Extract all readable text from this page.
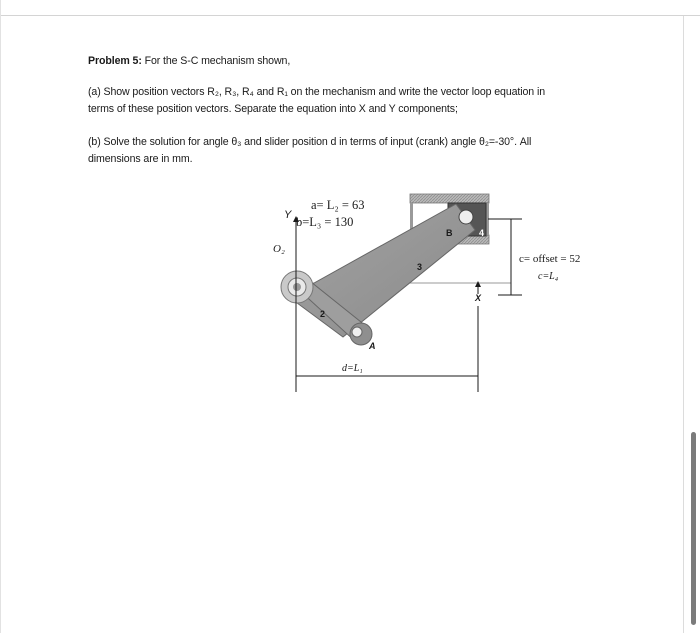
Problem 5: For the S-C mechanism shown,
(a) Show position vectors R₂, R₃, R₄ and R₁ on the mechanism and write the vector loop equation in
terms of these position vectors. Separate the equation into X and Y components;
(b) Solve the solution for angle θ₃ and slider position d in terms of input (crank) angle θ₂=-30°. All
dimensions are in mm.
a= L₂ = 63
b=L₃ = 130
Y
O₂
B	4
3
2
A
X
c= offset = 52
c=L₄
d=L₁
